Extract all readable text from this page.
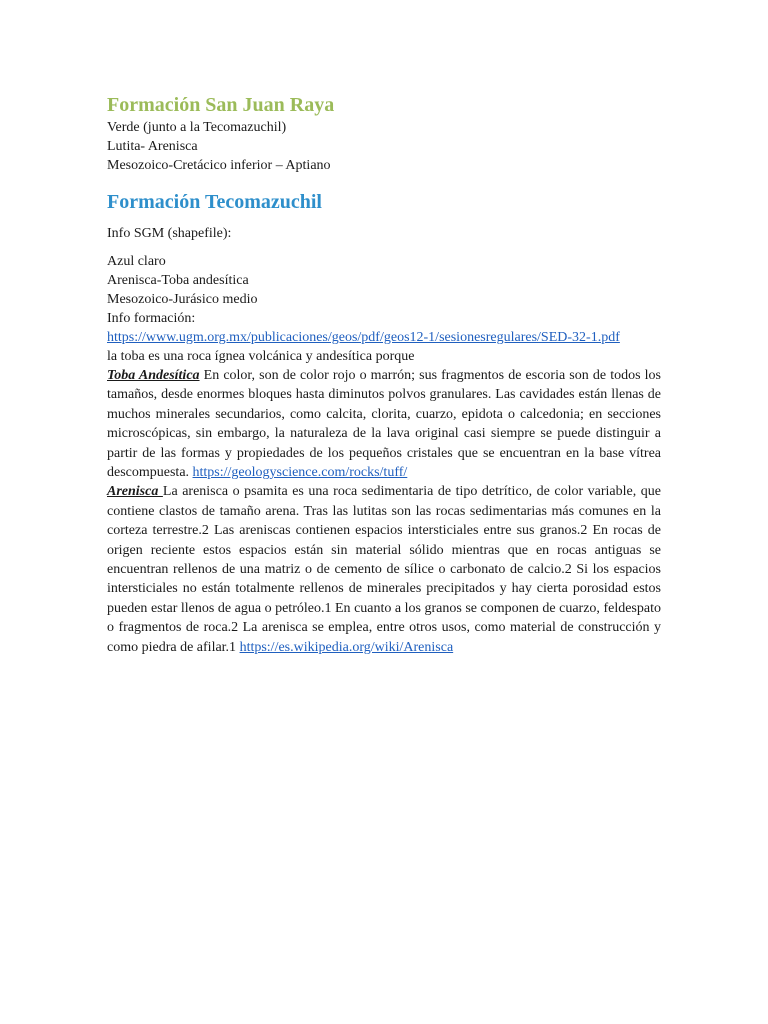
Formación San Juan Raya

Verde (junto a la Tecomazuchil)

Lutita- Arenisca

Mesozoico-Cretácico inferior – Aptiano

Formación Tecomazuchil

Info SGM (shapefile):

Azul claro

Arenisca-Toba andesítica

Mesozoico-Jurásico medio

Info formación:

https://www.ugm.org.mx/publicaciones/geos/pdf/geos12-1/sesionesregulares/SED-32-1.pdf

la toba es una roca ígnea volcánica y andesítica porque

Toba Andesítica En color, son de color rojo o marrón; sus fragmentos de escoria son de todos los tamaños, desde enormes bloques hasta diminutos polvos granulares. Las cavidades están llenas de muchos minerales secundarios, como calcita, clorita, cuarzo, epidota o calcedonia; en secciones microscópicas, sin embargo, la naturaleza de la lava original casi siempre se puede distinguir a partir de las formas y propiedades de los pequeños cristales que se encuentran en la base vítrea descompuesta. https://geologyscience.com/rocks/tuff/

Arenisca La arenisca o psamita es una roca sedimentaria de tipo detrítico, de color variable, que contiene clastos de tamaño arena. Tras las lutitas son las rocas sedimentarias más comunes en la corteza terrestre.2 Las areniscas contienen espacios intersticiales entre sus granos.2 En rocas de origen reciente estos espacios están sin material sólido mientras que en rocas antiguas se encuentran rellenos de una matriz o de cemento de sílice o carbonato de calcio.2 Si los espacios intersticiales no están totalmente rellenos de minerales precipitados y hay cierta porosidad estos pueden estar llenos de agua o petróleo.1 En cuanto a los granos se componen de cuarzo, feldespato o fragmentos de roca.2 La arenisca se emplea, entre otros usos, como material de construcción y como piedra de afilar.1 https://es.wikipedia.org/wiki/Arenisca
